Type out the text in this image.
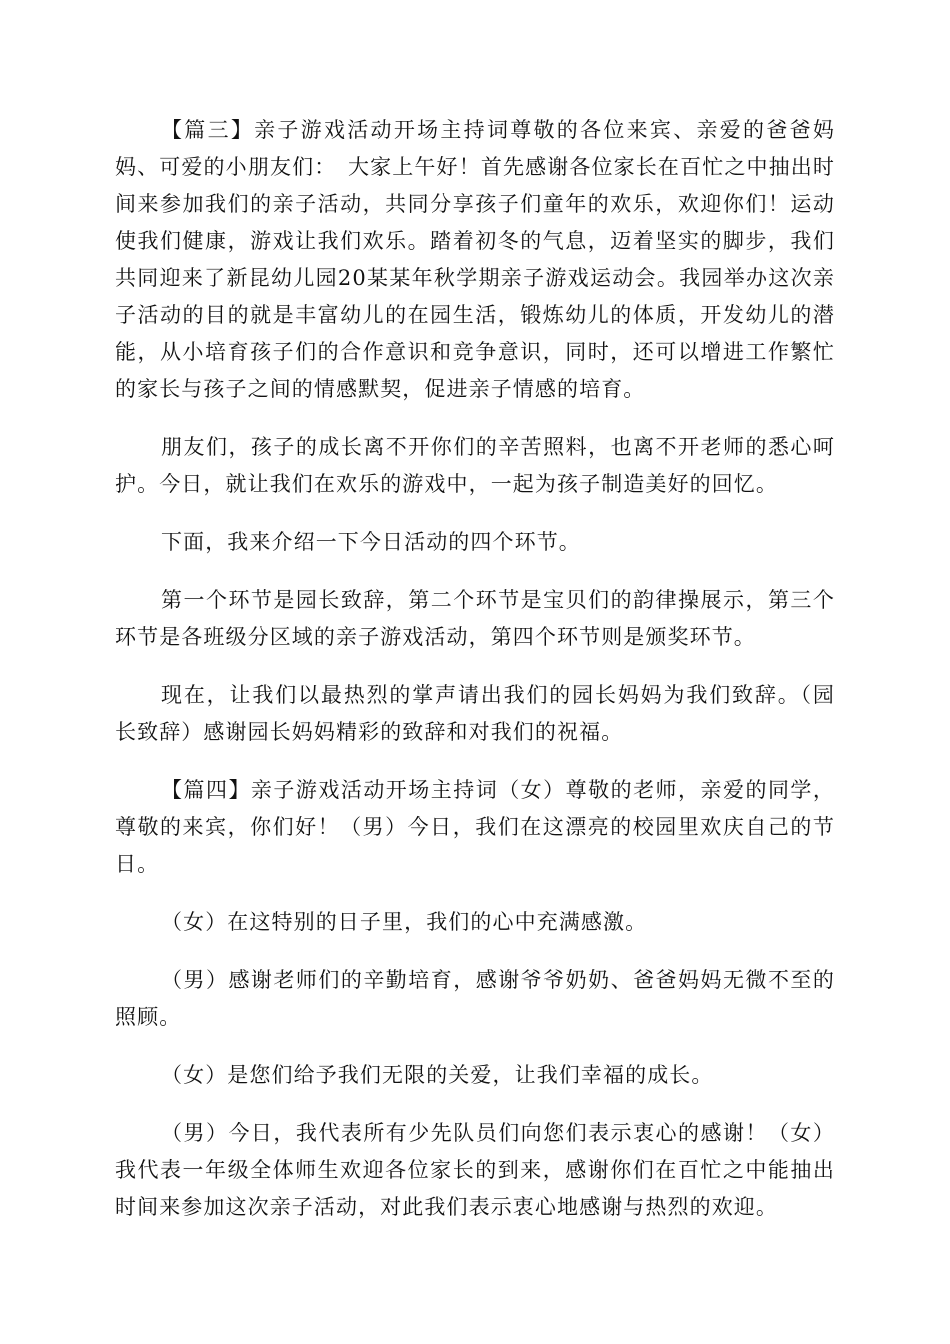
【篇三】亲子游戏活动开场主持词尊敬的各位来宾、亲爱的爸爸妈妈、可爱的小朋友们：　大家上午好！首先感谢各位家长在百忙之中抽出时间来参加我们的亲子活动，共同分享孩子们童年的欢乐，欢迎你们！运动使我们健康，游戏让我们欢乐。踏着初冬的气息，迈着坚实的脚步，我们共同迎来了新昆幼儿园20某某年秋学期亲子游戏运动会。我园举办这次亲子活动的目的就是丰富幼儿的在园生活，锻炼幼儿的体质，开发幼儿的潜能，从小培育孩子们的合作意识和竞争意识，同时，还可以增进工作繁忙的家长与孩子之间的情感默契，促进亲子情感的培育。

朋友们，孩子的成长离不开你们的辛苦照料，也离不开老师的悉心呵护。今日，就让我们在欢乐的游戏中，一起为孩子制造美好的回忆。

下面，我来介绍一下今日活动的四个环节。

第一个环节是园长致辞，第二个环节是宝贝们的韵律操展示，第三个环节是各班级分区域的亲子游戏活动，第四个环节则是颁奖环节。

现在，让我们以最热烈的掌声请出我们的园长妈妈为我们致辞。（园长致辞）感谢园长妈妈精彩的致辞和对我们的祝福。

【篇四】亲子游戏活动开场主持词（女）尊敬的老师，亲爱的同学，尊敬的来宾，你们好！（男）今日，我们在这漂亮的校园里欢庆自己的节日。

（女）在这特别的日子里，我们的心中充满感激。

（男）感谢老师们的辛勤培育，感谢爷爷奶奶、爸爸妈妈无微不至的照顾。

（女）是您们给予我们无限的关爱，让我们幸福的成长。

（男）今日，我代表所有少先队员们向您们表示衷心的感谢！（女）我代表一年级全体师生欢迎各位家长的到来，感谢你们在百忙之中能抽出时间来参加这次亲子活动，对此我们表示衷心地感谢与热烈的欢迎。
